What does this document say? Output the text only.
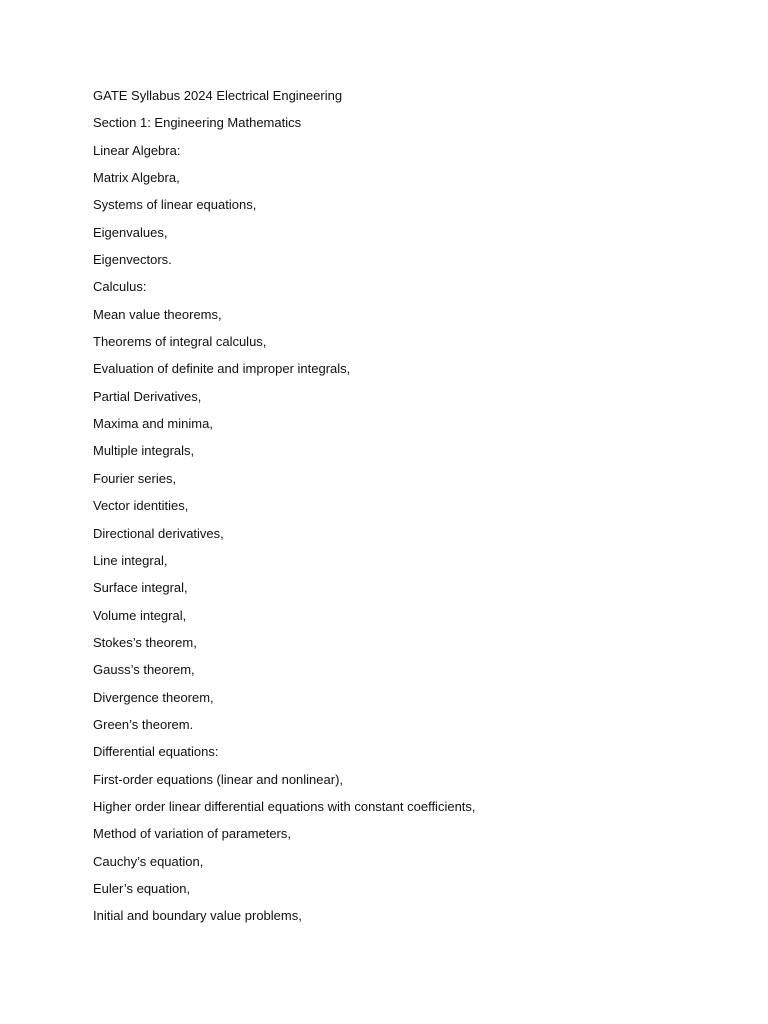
GATE Syllabus 2024 Electrical Engineering
Section 1: Engineering Mathematics
Linear Algebra:
Matrix Algebra,
Systems of linear equations,
Eigenvalues,
Eigenvectors.
Calculus:
Mean value theorems,
Theorems of integral calculus,
Evaluation of definite and improper integrals,
Partial Derivatives,
Maxima and minima,
Multiple integrals,
Fourier series,
Vector identities,
Directional derivatives,
Line integral,
Surface integral,
Volume integral,
Stokes’s theorem,
Gauss’s theorem,
Divergence theorem,
Green’s theorem.
Differential equations:
First-order equations (linear and nonlinear),
Higher order linear differential equations with constant coefficients,
Method of variation of parameters,
Cauchy’s equation,
Euler’s equation,
Initial and boundary value problems,
